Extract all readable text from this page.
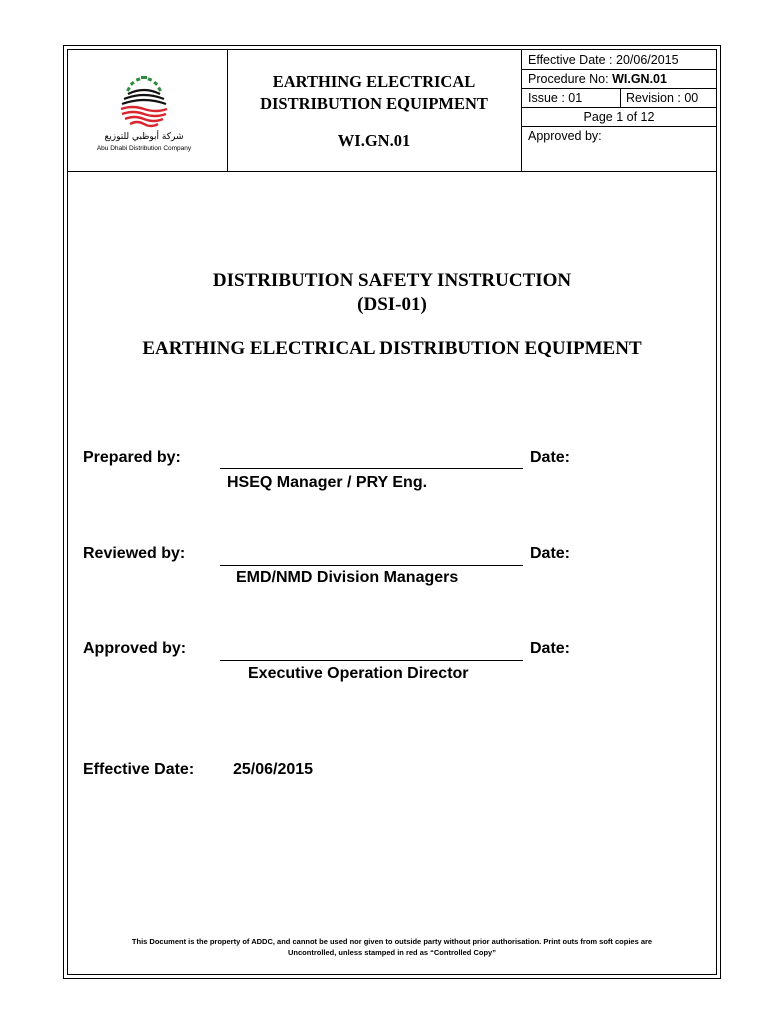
شركة أبوظبي للتوزيع
Abu Dhabi Distribution Company
EARTHING ELECTRICAL
DISTRIBUTION EQUIPMENT
WI.GN.01
Effective Date : 20/06/2015
Procedure No: WI.GN.01
Issue : 01	Revision : 00
Page 1 of 12
Approved by:
DISTRIBUTION SAFETY INSTRUCTION
(DSI-01)
EARTHING ELECTRICAL DISTRIBUTION EQUIPMENT
Prepared by:
HSEQ Manager / PRY Eng.
Date:
Reviewed by:
EMD/NMD Division Managers
Date:
Approved by:
Executive Operation Director
Date:
Effective Date: 25/06/2015
This Document is the property of ADDC, and cannot be used nor given to outside party without prior authorisation. Print outs from soft copies are
Uncontrolled, unless stamped in red as “Controlled Copy”
